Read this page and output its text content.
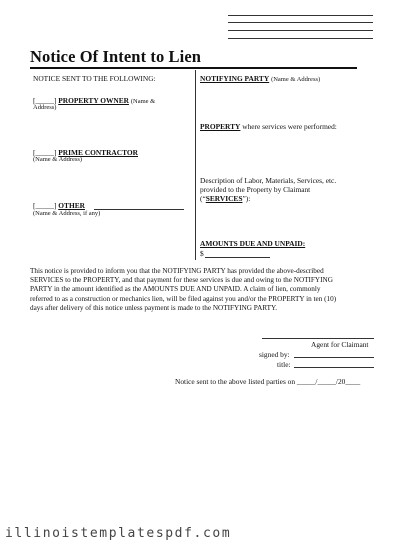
Notice Of Intent to Lien
NOTICE SENT TO THE FOLLOWING:
[_____] PROPERTY OWNER (Name &
Address)
[_____] PRIME CONTRACTOR
(Name & Address)
[_____] OTHER
(Name & Address, if any)
NOTIFYING PARTY (Name & Address)
PROPERTY where services were performed:
Description of Labor, Materials, Services, etc.
provided to the Property by Claimant
(“SERVICES”):
AMOUNTS DUE AND UNPAID:
$
This notice is provided to inform you that the NOTIFYING PARTY has provided the above-described
SERVICES to the PROPERTY, and that payment for these services is due and owing to the NOTIFYING
PARTY in the amount identified as the AMOUNTS DUE AND UNPAID. A claim of lien, commonly
referred to as a construction or mechanics lien, will be filed against you and/or the PROPERTY in ten (10)
days after delivery of this notice unless payment is made to the NOTIFYING PARTY.
Agent for Claimant
signed by:
title:
Notice sent to the above listed parties on _____/_____/20____
illinoistemplatespdf.com
